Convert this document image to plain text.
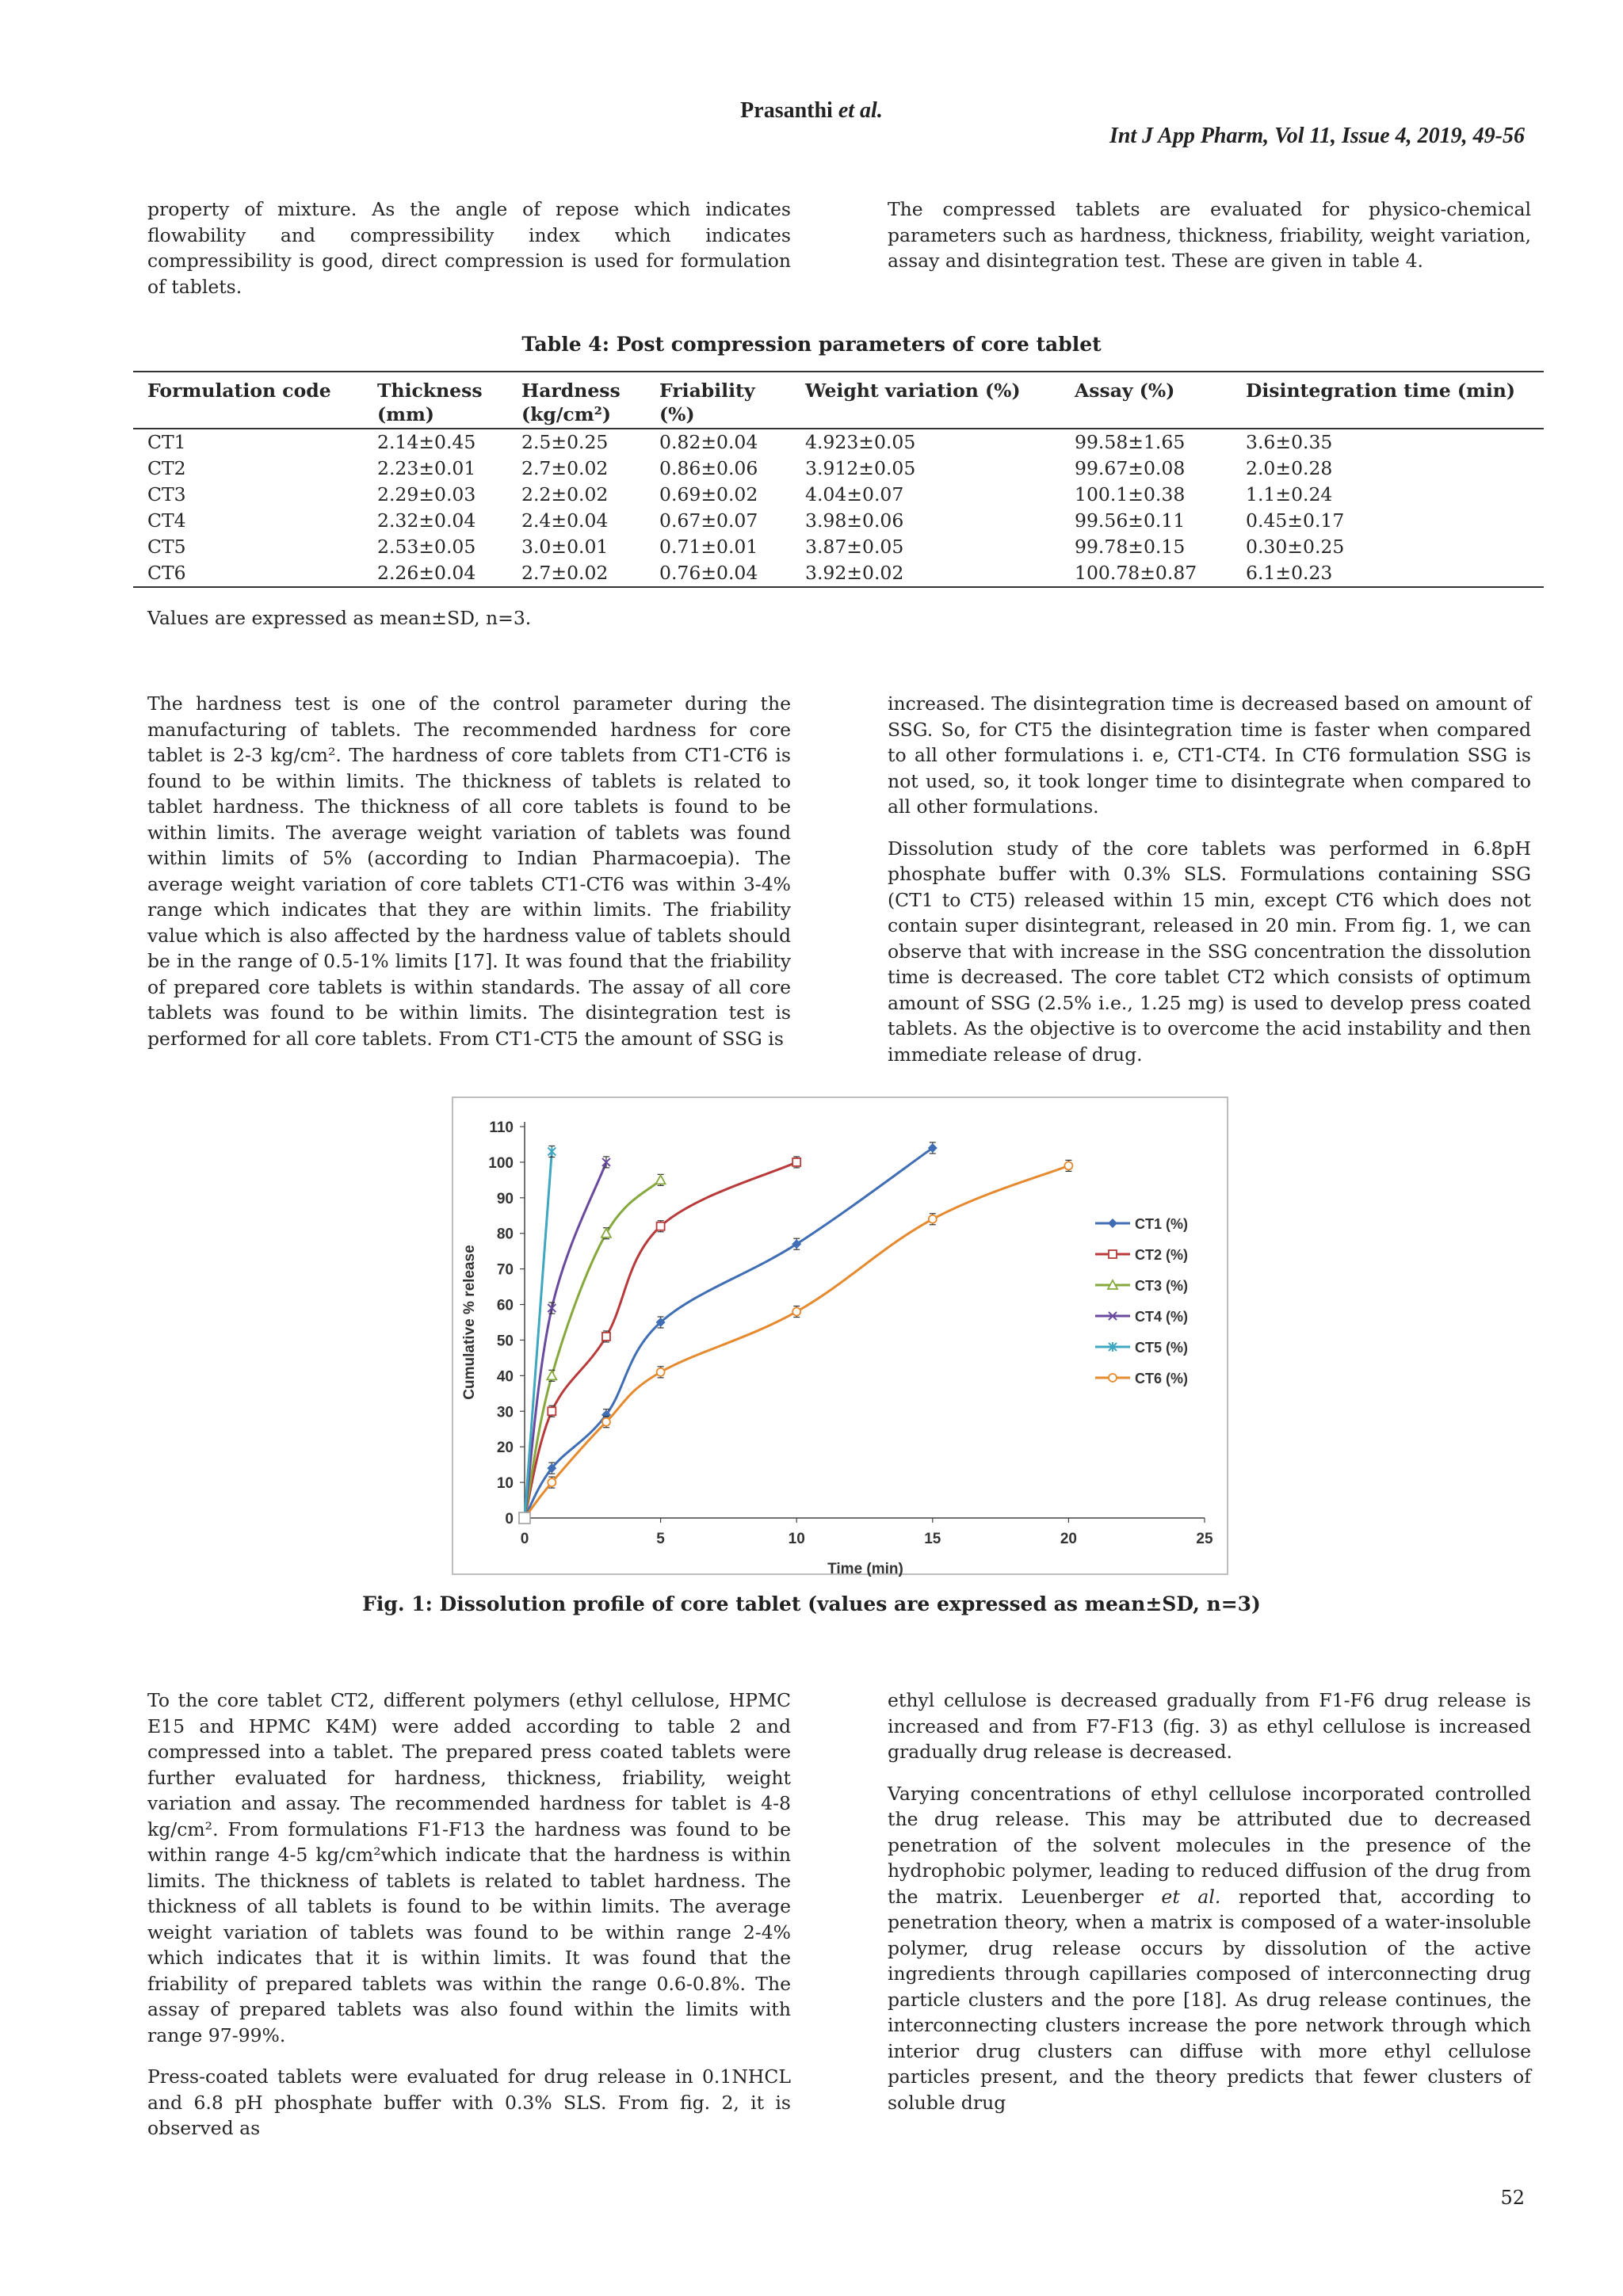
Prasanthi et al.
Int J App Pharm, Vol 11, Issue 4, 2019, 49-56

property of mixture. As the angle of repose which indicates flowability and compressibility index which indicates compressibility is good, direct compression is used for formulation of tablets.

The compressed tablets are evaluated for physico-chemical parameters such as hardness, thickness, friability, weight variation, assay and disintegration test. These are given in table 4.

Table 4: Post compression parameters of core tablet
Formulation code	Thickness (mm)	Hardness (kg/cm²)	Friability (%)	Weight variation (%)	Assay (%)	Disintegration time (min)
CT1	2.14±0.45	2.5±0.25	0.82±0.04	4.923±0.05	99.58±1.65	3.6±0.35
CT2	2.23±0.01	2.7±0.02	0.86±0.06	3.912±0.05	99.67±0.08	2.0±0.28
CT3	2.29±0.03	2.2±0.02	0.69±0.02	4.04±0.07	100.1±0.38	1.1±0.24
CT4	2.32±0.04	2.4±0.04	0.67±0.07	3.98±0.06	99.56±0.11	0.45±0.17
CT5	2.53±0.05	3.0±0.01	0.71±0.01	3.87±0.05	99.78±0.15	0.30±0.25
CT6	2.26±0.04	2.7±0.02	0.76±0.04	3.92±0.02	100.78±0.87	6.1±0.23
Values are expressed as mean±SD, n=3.

The hardness test is one of the control parameter during the manufacturing of tablets. The recommended hardness for core tablet is 2-3 kg/cm². The hardness of core tablets from CT1-CT6 is found to be within limits. The thickness of tablets is related to tablet hardness. The thickness of all core tablets is found to be within limits. The average weight variation of tablets was found within limits of 5% (according to Indian Pharmacoepia). The average weight variation of core tablets CT1-CT6 was within 3-4% range which indicates that they are within limits. The friability value which is also affected by the hardness value of tablets should be in the range of 0.5-1% limits [17]. It was found that the friability of prepared core tablets is within standards. The assay of all core tablets was found to be within limits. The disintegration test is performed for all core tablets. From CT1-CT5 the amount of SSG is

increased. The disintegration time is decreased based on amount of SSG. So, for CT5 the disintegration time is faster when compared to all other formulations i. e, CT1-CT4. In CT6 formulation SSG is not used, so, it took longer time to disintegrate when compared to all other formulations.

Dissolution study of the core tablets was performed in 6.8pH phosphate buffer with 0.3% SLS. Formulations containing SSG (CT1 to CT5) released within 15 min, except CT6 which does not contain super disintegrant, released in 20 min. From fig. 1, we can observe that with increase in the SSG concentration the dissolution time is decreased. The core tablet CT2 which consists of optimum amount of SSG (2.5% i.e., 1.25 mg) is used to develop press coated tablets. As the objective is to overcome the acid instability and then immediate release of drug.

0
10
20
30
40
50
60
70
80
90
100
110
0	5	10	15	20	25
Time (min)
Cumulative % release
CT1 (%)
CT2 (%)
CT3 (%)
CT4 (%)
CT5 (%)
CT6 (%)
Fig. 1: Dissolution profile of core tablet (values are expressed as mean±SD, n=3)

To the core tablet CT2, different polymers (ethyl cellulose, HPMC E15 and HPMC K4M) were added according to table 2 and compressed into a tablet. The prepared press coated tablets were further evaluated for hardness, thickness, friability, weight variation and assay. The recommended hardness for tablet is 4-8 kg/cm². From formulations F1-F13 the hardness was found to be within range 4-5 kg/cm²which indicate that the hardness is within limits. The thickness of tablets is related to tablet hardness. The thickness of all tablets is found to be within limits. The average weight variation of tablets was found to be within range 2-4% which indicates that it is within limits. It was found that the friability of prepared tablets was within the range 0.6-0.8%. The assay of prepared tablets was also found within the limits with range 97-99%.

Press-coated tablets were evaluated for drug release in 0.1NHCL and 6.8 pH phosphate buffer with 0.3% SLS. From fig. 2, it is observed as

ethyl cellulose is decreased gradually from F1-F6 drug release is increased and from F7-F13 (fig. 3) as ethyl cellulose is increased gradually drug release is decreased.

Varying concentrations of ethyl cellulose incorporated controlled the drug release. This may be attributed due to decreased penetration of the solvent molecules in the presence of the hydrophobic polymer, leading to reduced diffusion of the drug from the matrix. Leuenberger et al. reported that, according to penetration theory, when a matrix is composed of a water-insoluble polymer, drug release occurs by dissolution of the active ingredients through capillaries composed of interconnecting drug particle clusters and the pore [18]. As drug release continues, the interconnecting clusters increase the pore network through which interior drug clusters can diffuse with more ethyl cellulose particles present, and the theory predicts that fewer clusters of soluble drug

52
